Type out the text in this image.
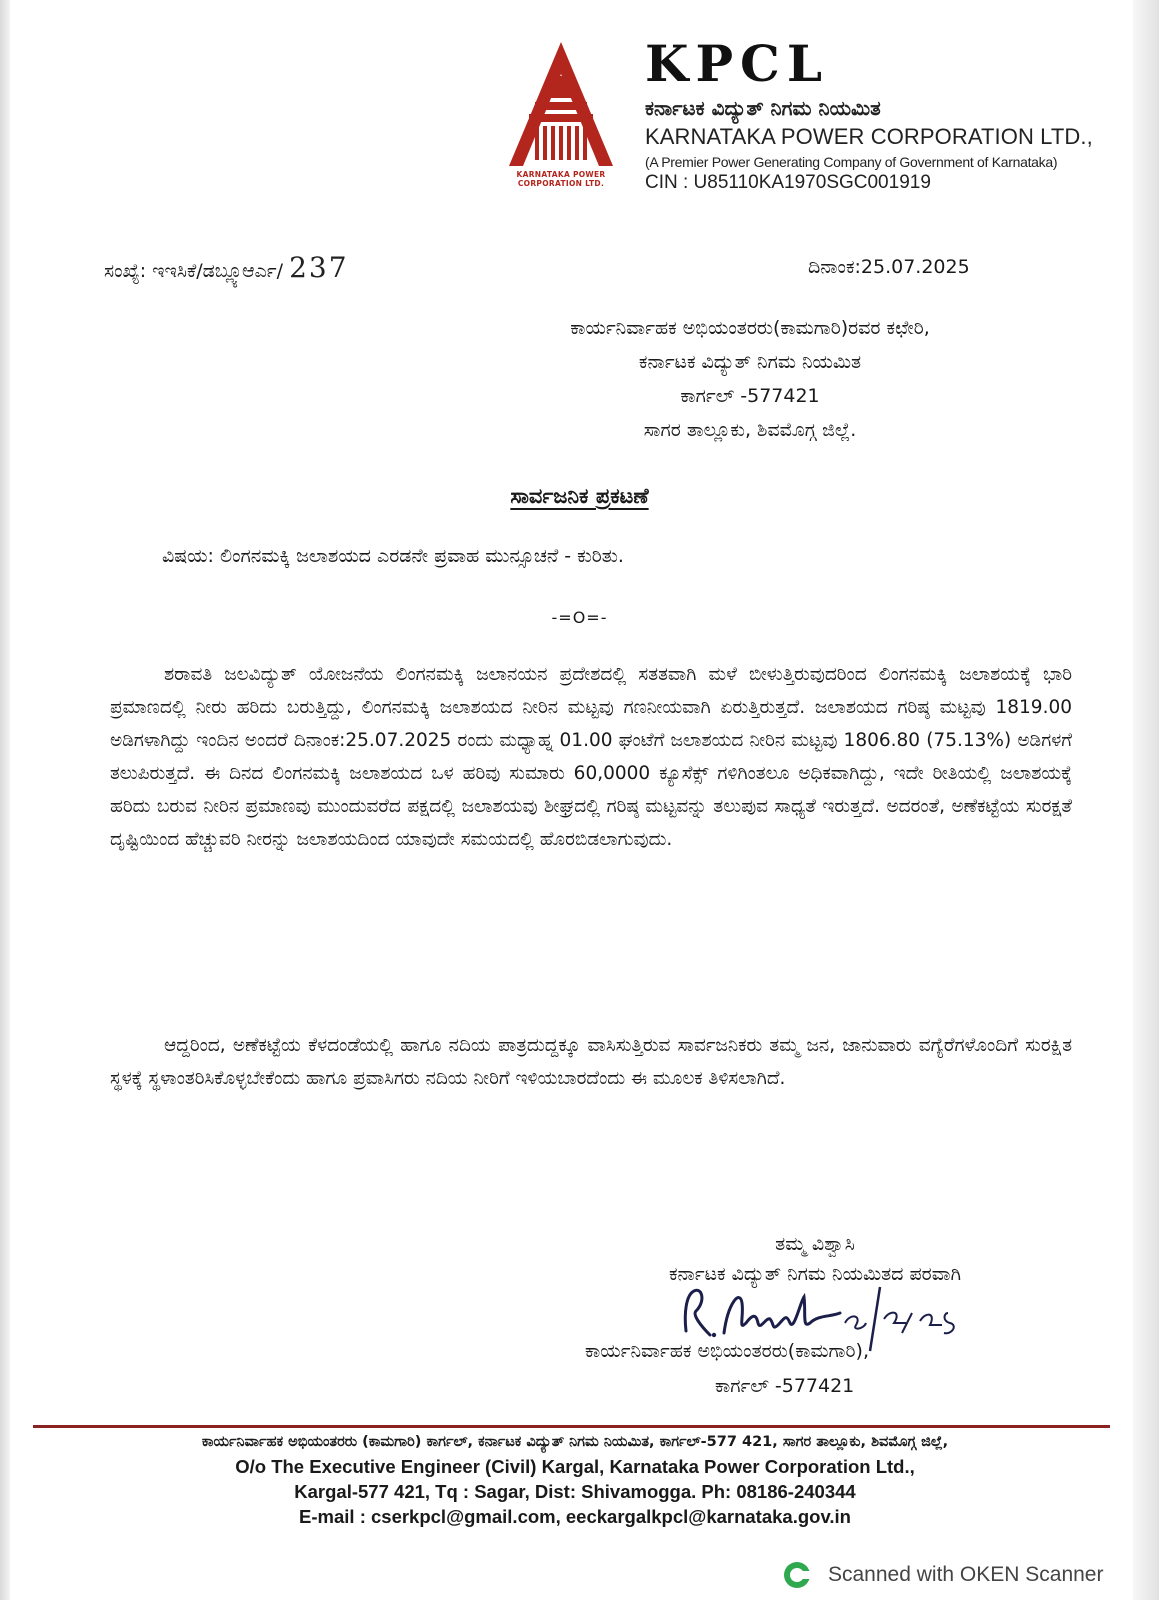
KARNATAKA POWER CORPORATION LTD.
KPCL
ಕರ್ನಾಟಕ ವಿದ್ಯುತ್ ನಿಗಮ ನಿಯಮಿತ
KARNATAKA POWER CORPORATION LTD.,
(A Premier Power Generating Company of Government of Karnataka)
CIN : U85110KA1970SGC001919
ಸಂಖ್ಯೆ: ಇಇಸಿಕೆ/ಡಬ್ಲ್ಯೂಆರ್ಎ/ 237	ದಿನಾಂಕ:25.07.2025
ಕಾರ್ಯನಿರ್ವಾಹಕ ಅಭಿಯಂತರರು(ಕಾಮಗಾರಿ)ರವರ ಕಛೇರಿ,
ಕರ್ನಾಟಕ ವಿದ್ಯುತ್ ನಿಗಮ ನಿಯಮಿತ
ಕಾರ್ಗಲ್ -577421
ಸಾಗರ ತಾಲ್ಲೂಕು, ಶಿವಮೊಗ್ಗ ಜಿಲ್ಲೆ.
ಸಾರ್ವಜನಿಕ ಪ್ರಕಟಣೆ
ವಿಷಯ: ಲಿಂಗನಮಕ್ಕಿ ಜಲಾಶಯದ ಎರಡನೇ ಪ್ರವಾಹ ಮುನ್ಸೂಚನೆ - ಕುರಿತು.
-=O=-

ಶರಾವತಿ ಜಲವಿದ್ಯುತ್ ಯೋಜನೆಯ ಲಿಂಗನಮಕ್ಕಿ ಜಲಾನಯನ ಪ್ರದೇಶದಲ್ಲಿ ಸತತವಾಗಿ ಮಳೆ ಬೀಳುತ್ತಿರುವುದರಿಂದ ಲಿಂಗನಮಕ್ಕಿ ಜಲಾಶಯಕ್ಕೆ ಭಾರಿ ಪ್ರಮಾಣದಲ್ಲಿ ನೀರು ಹರಿದು ಬರುತ್ತಿದ್ದು, ಲಿಂಗನಮಕ್ಕಿ ಜಲಾಶಯದ ನೀರಿನ ಮಟ್ಟವು ಗಣನೀಯವಾಗಿ ಏರುತ್ತಿರುತ್ತದೆ. ಜಲಾಶಯದ ಗರಿಷ್ಠ ಮಟ್ಟವು 1819.00 ಅಡಿಗಳಾಗಿದ್ದು ಇಂದಿನ ಅಂದರೆ ದಿನಾಂಕ:25.07.2025 ರಂದು ಮಧ್ಯಾಹ್ನ 01.00 ಘಂಟೆಗೆ ಜಲಾಶಯದ ನೀರಿನ ಮಟ್ಟವು 1806.80 (75.13%) ಅಡಿಗಳಗೆ ತಲುಪಿರುತ್ತದೆ. ಈ ದಿನದ ಲಿಂಗನಮಕ್ಕಿ ಜಲಾಶಯದ ಒಳ ಹರಿವು ಸುಮಾರು 60,0000 ಕ್ಯೂಸೆಕ್ಸ್ ಗಳಿಗಿಂತಲೂ ಅಧಿಕವಾಗಿದ್ದು, ಇದೇ ರೀತಿಯಲ್ಲಿ ಜಲಾಶಯಕ್ಕೆ ಹರಿದು ಬರುವ ನೀರಿನ ಪ್ರಮಾಣವು ಮುಂದುವರೆದ ಪಕ್ಷದಲ್ಲಿ ಜಲಾಶಯವು ಶೀಘ್ರದಲ್ಲಿ ಗರಿಷ್ಠ ಮಟ್ಟವನ್ನು ತಲುಪುವ ಸಾಧ್ಯತೆ ಇರುತ್ತದೆ. ಅದರಂತೆ, ಅಣೆಕಟ್ಟೆಯ ಸುರಕ್ಷತೆ ದೃಷ್ಟಿಯಿಂದ ಹೆಚ್ಚುವರಿ ನೀರನ್ನು ಜಲಾಶಯದಿಂದ ಯಾವುದೇ ಸಮಯದಲ್ಲಿ ಹೊರಬಿಡಲಾಗುವುದು.

ಆದ್ದರಿಂದ, ಅಣೆಕಟ್ಟೆಯ ಕೆಳದಂಡೆಯಲ್ಲಿ ಹಾಗೂ ನದಿಯ ಪಾತ್ರದುದ್ದಕ್ಕೂ ವಾಸಿಸುತ್ತಿರುವ ಸಾರ್ವಜನಿಕರು ತಮ್ಮ ಜನ, ಜಾನುವಾರು ವಗ್ಯೆರೆಗಳೊಂದಿಗೆ ಸುರಕ್ಷಿತ ಸ್ಥಳಕ್ಕೆ ಸ್ಥಳಾಂತರಿಸಿಕೊಳ್ಳಬೇಕೆಂದು ಹಾಗೂ ಪ್ರವಾಸಿಗರು ನದಿಯ ನೀರಿಗೆ ಇಳಿಯಬಾರದೆಂದು ಈ ಮೂಲಕ ತಿಳಿಸಲಾಗಿದೆ.

ತಮ್ಮ ವಿಶ್ವಾಸಿ
ಕರ್ನಾಟಕ ವಿದ್ಯುತ್ ನಿಗಮ ನಿಯಮಿತದ ಪರವಾಗಿ
ಕಾರ್ಯನಿರ್ವಾಹಕ ಅಭಿಯಂತರರು(ಕಾಮಗಾರಿ),
ಕಾರ್ಗಲ್ -577421
ಕಾರ್ಯನಿರ್ವಾಹಕ ಅಭಿಯಂತರರು (ಕಾಮಗಾರಿ) ಕಾರ್ಗಲ್, ಕರ್ನಾಟಕ ವಿದ್ಯುತ್ ನಿಗಮ ನಿಯಮಿತ, ಕಾರ್ಗಲ್-577 421, ಸಾಗರ ತಾಲ್ಲೂಕು, ಶಿವಮೊಗ್ಗ ಜಿಲ್ಲೆ,
O/o The Executive Engineer (Civil) Kargal, Karnataka Power Corporation Ltd.,
Kargal-577 421, Tq : Sagar, Dist: Shivamogga. Ph: 08186-240344
E-mail : cserkpcl@gmail.com, eeckargalkpcl@karnataka.gov.in
Scanned with OKEN Scanner
